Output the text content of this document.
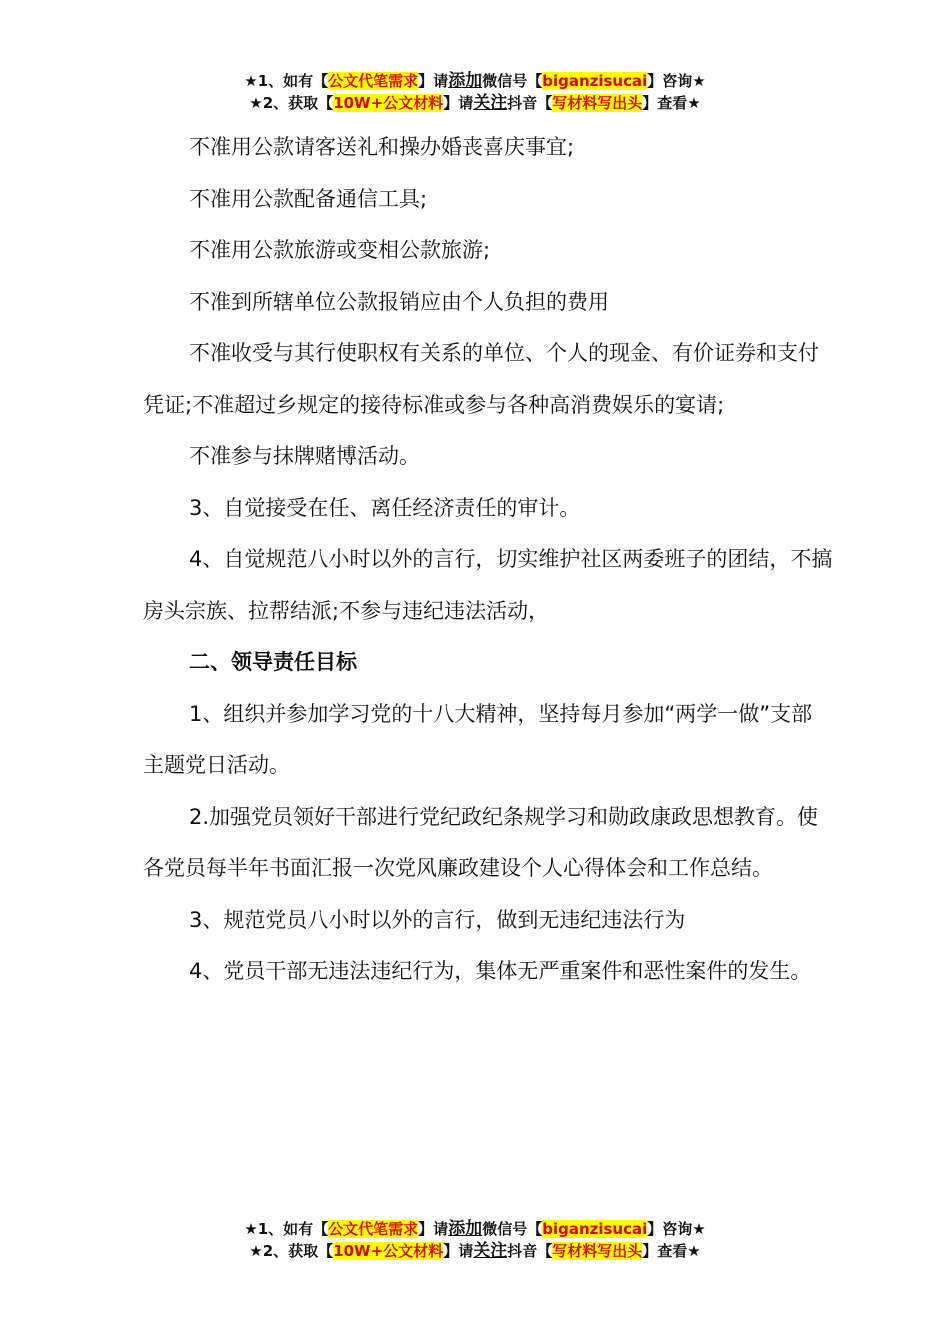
★1、如有【公文代笔需求】请添加微信号【biganzisucai】咨询★
★2、获取【10W+公文材料】请关注抖音【写材料写出头】查看★

不准用公款请客送礼和操办婚丧喜庆事宜;

不准用公款配备通信工具;

不准用公款旅游或变相公款旅游;

不准到所辖单位公款报销应由个人负担的费用

不准收受与其行使职权有关系的单位、个人的现金、有价证券和支付凭证;不准超过乡规定的接待标准或参与各种高消费娱乐的宴请;

不准参与抹牌赌博活动。

3、自觉接受在任、离任经济责任的审计。

4、自觉规范八小时以外的言行，切实维护社区两委班子的团结，不搞房头宗族、拉帮结派;不参与违纪违法活动，

二、领导责任目标

1、组织并参加学习党的十八大精神，坚持每月参加“两学一做”支部主题党日活动。

2.加强党员领好干部进行党纪政纪条规学习和勋政康政思想教育。使各党员每半年书面汇报一次党风廉政建设个人心得体会和工作总结。

3、规范党员八小时以外的言行，做到无违纪违法行为

4、党员干部无违法违纪行为，集体无严重案件和恶性案件的发生。

★1、如有【公文代笔需求】请添加微信号【biganzisucai】咨询★
★2、获取【10W+公文材料】请关注抖音【写材料写出头】查看★
